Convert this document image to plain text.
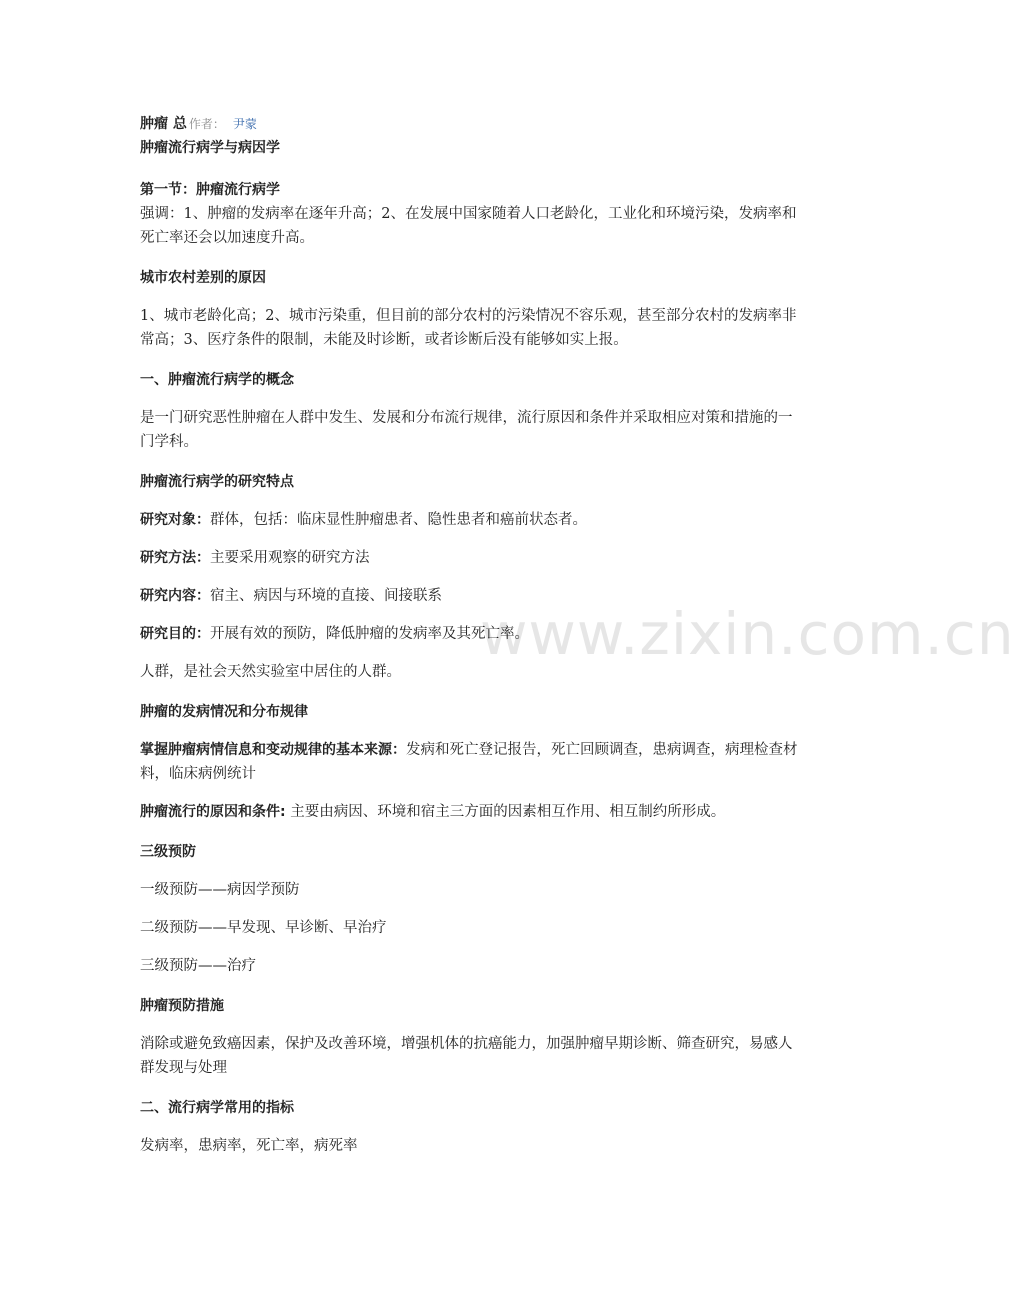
www.zixin.com.cn

肿瘤 总 作者： 尹蒙

肿瘤流行病学与病因学

第一节：肿瘤流行病学

强调：1、肿瘤的发病率在逐年升高；2、在发展中国家随着人口老龄化，工业化和环境污染，发病率和死亡率还会以加速度升高。

城市农村差别的原因

1、城市老龄化高；2、城市污染重，但目前的部分农村的污染情况不容乐观，甚至部分农村的发病率非常高；3、医疗条件的限制，未能及时诊断，或者诊断后没有能够如实上报。

一、肿瘤流行病学的概念

是一门研究恶性肿瘤在人群中发生、发展和分布流行规律，流行原因和条件并采取相应对策和措施的一门学科。

肿瘤流行病学的研究特点

研究对象：群体，包括：临床显性肿瘤患者、隐性患者和癌前状态者。

研究方法：主要采用观察的研究方法

研究内容：宿主、病因与环境的直接、间接联系

研究目的：开展有效的预防，降低肿瘤的发病率及其死亡率。

人群，是社会天然实验室中居住的人群。

肿瘤的发病情况和分布规律

掌握肿瘤病情信息和变动规律的基本来源：发病和死亡登记报告，死亡回顾调查，患病调查，病理检查材料，临床病例统计

肿瘤流行的原因和条件: 主要由病因、环境和宿主三方面的因素相互作用、相互制约所形成。

三级预防

一级预防——病因学预防

二级预防——早发现、早诊断、早治疗

三级预防——治疗

肿瘤预防措施

消除或避免致癌因素，保护及改善环境，增强机体的抗癌能力，加强肿瘤早期诊断、筛查研究，易感人群发现与处理

二、流行病学常用的指标

发病率，患病率，死亡率，病死率
